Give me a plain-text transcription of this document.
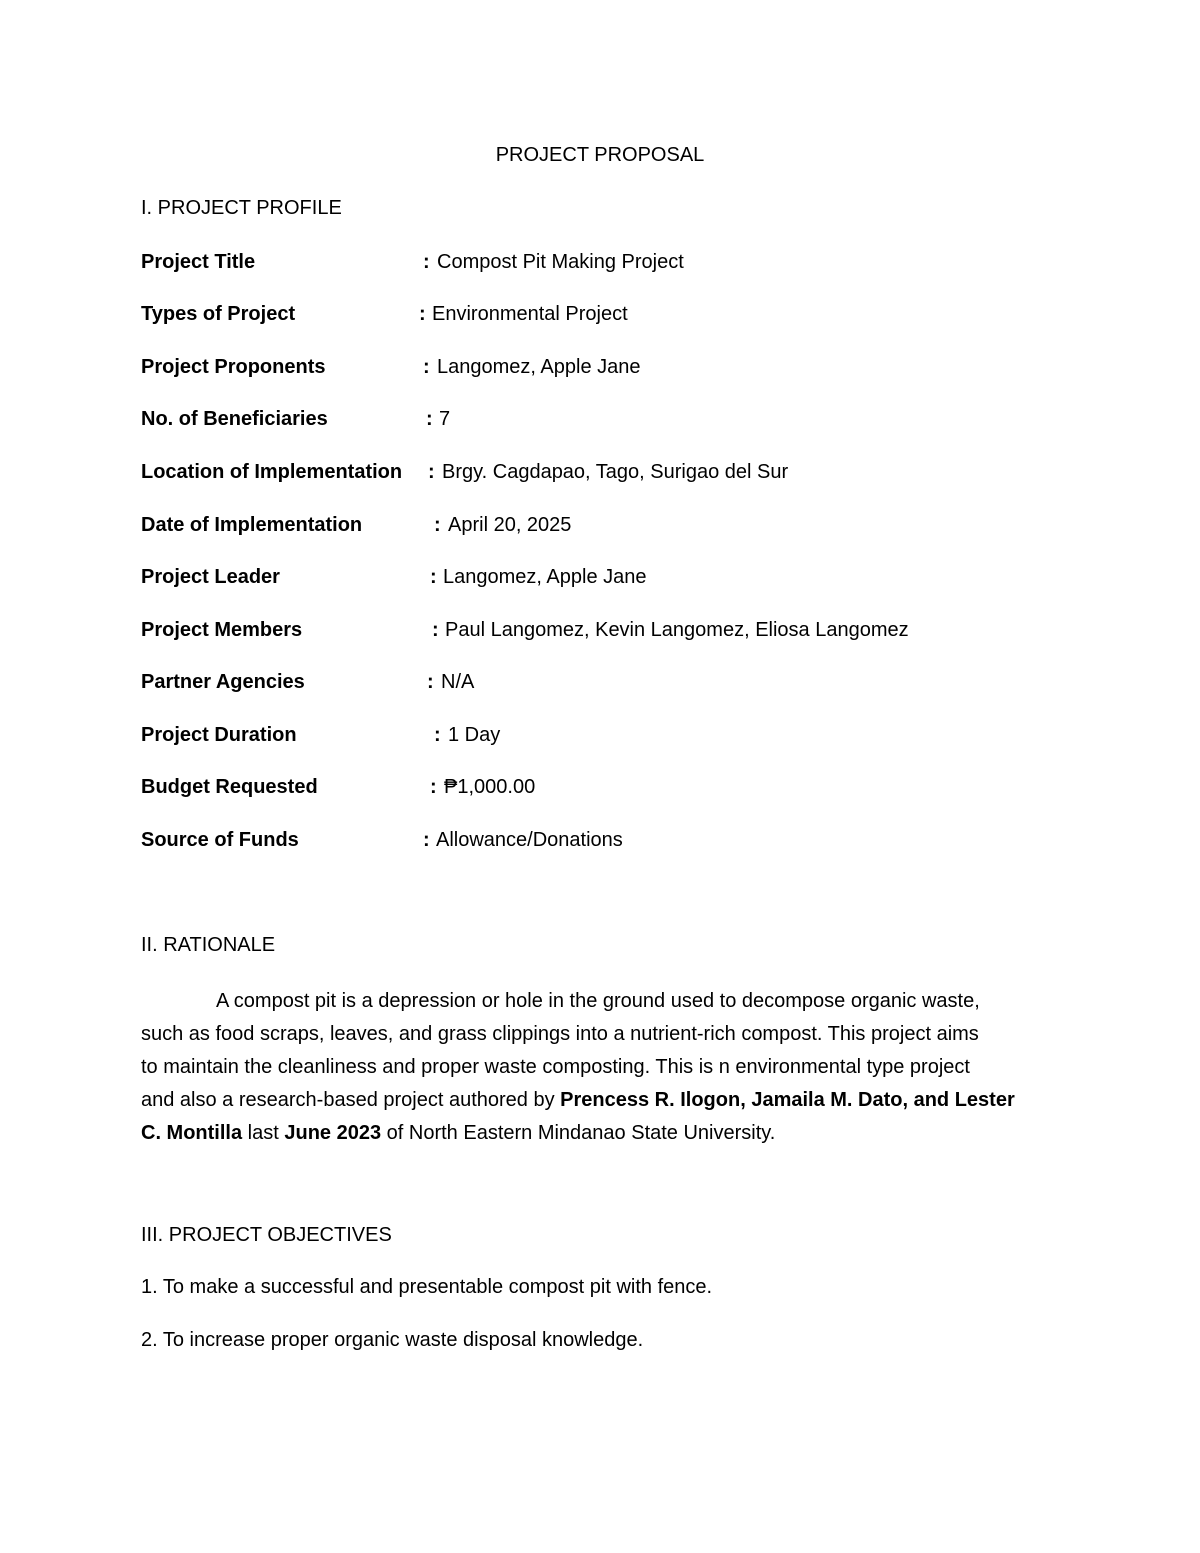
PROJECT PROPOSAL
I. PROJECT PROFILE
Project Title	: Compost Pit Making Project
Types of Project	: Environmental Project
Project Proponents	: Langomez, Apple Jane
No. of Beneficiaries	: 7
Location of Implementation : Brgy. Cagdapao, Tago, Surigao del Sur
Date of Implementation	: April 20, 2025
Project Leader	: Langomez, Apple Jane
Project Members	: Paul Langomez, Kevin Langomez, Eliosa Langomez
Partner Agencies	: N/A
Project Duration	: 1 Day
Budget Requested	: ₱1,000.00
Source of Funds	: Allowance/Donations
II. RATIONALE

A compost pit is a depression or hole in the ground used to decompose organic waste,

such as food scraps, leaves, and grass clippings into a nutrient-rich compost. This project aims

to maintain the cleanliness and proper waste composting. This is n environmental type project

and also a research-based project authored by Prencess R. Ilogon, Jamaila M. Dato, and Lester

C. Montilla last June 2023 of North Eastern Mindanao State University.

III. PROJECT OBJECTIVES
1. To make a successful and presentable compost pit with fence.
2. To increase proper organic waste disposal knowledge.
